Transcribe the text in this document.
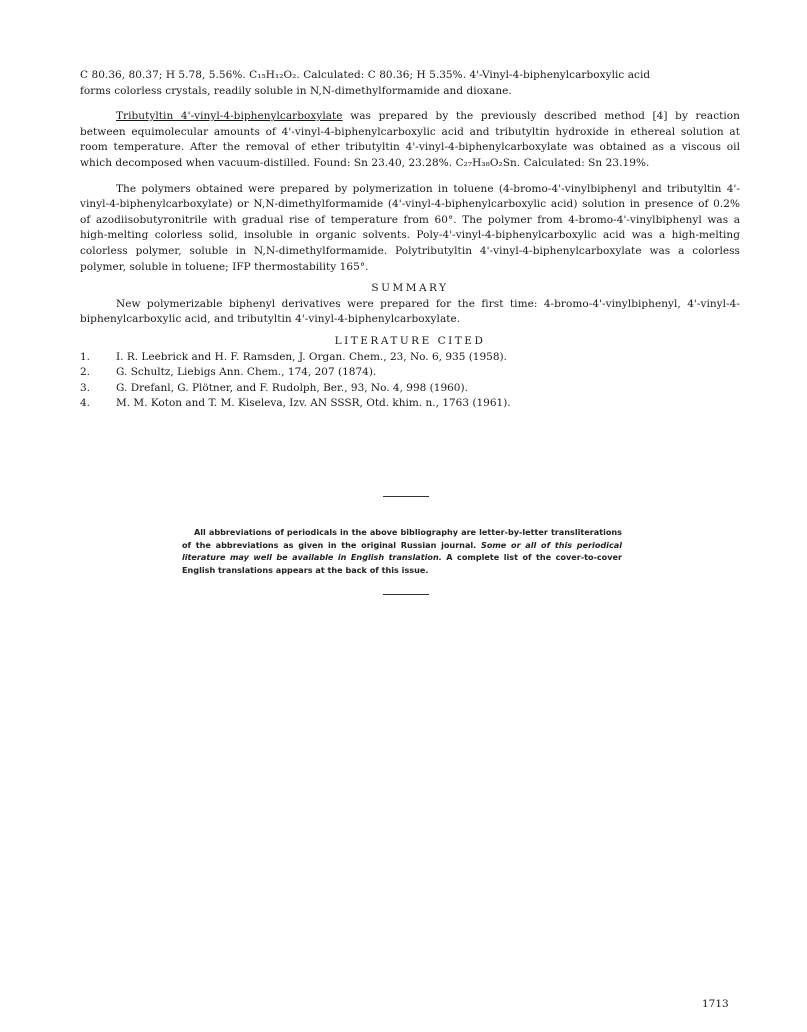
C 80.36, 80.37; H 5.78, 5.56%. C₁₅H₁₂O₂. Calculated: C 80.36; H 5.35%. 4'-Vinyl-4-biphenylcarboxylic acid
forms colorless crystals, readily soluble in N,N-dimethylformamide and dioxane.

Tributyltin 4'-vinyl-4-biphenylcarboxylate was prepared by the previously described method [4] by reaction between equimolecular amounts of 4'-vinyl-4-biphenylcarboxylic acid and tributyltin hydroxide in ethereal solution at room temperature. After the removal of ether tributyltin 4'-vinyl-4-biphenylcarboxylate was obtained as a viscous oil which decomposed when vacuum-distilled. Found: Sn 23.40, 23.28%. C₂₇H₃₈O₂Sn. Calculated: Sn 23.19%.

The polymers obtained were prepared by polymerization in toluene (4-bromo-4'-vinylbiphenyl and tributyltin 4'-vinyl-4-biphenylcarboxylate) or N,N-dimethylformamide (4'-vinyl-4-biphenylcarboxylic acid) solution in presence of 0.2% of azodiisobutyronitrile with gradual rise of temperature from 60°. The polymer from 4-bromo-4'-vinylbiphenyl was a high-melting colorless solid, insoluble in organic solvents. Poly-4'-vinyl-4-biphenylcarboxylic acid was a high-melting colorless polymer, soluble in N,N-dimethylformamide. Polytributyltin 4'-vinyl-4-biphenylcarboxylate was a colorless polymer, soluble in toluene; IFP thermostability 165°.

SUMMARY

New polymerizable biphenyl derivatives were prepared for the first time: 4-bromo-4'-vinylbiphenyl, 4'-vinyl-4-biphenylcarboxylic acid, and tributyltin 4'-vinyl-4-biphenylcarboxylate.

LITERATURE CITED

1.	I. R. Leebrick and H. F. Ramsden, J. Organ. Chem., 23, No. 6, 935 (1958).
2.	G. Schultz, Liebigs Ann. Chem., 174, 207 (1874).
3.	G. Drefanl, G. Plötner, and F. Rudolph, Ber., 93, No. 4, 998 (1960).
4.	M. M. Koton and T. M. Kiseleva, Izv. AN SSSR, Otd. khim. n., 1763 (1961).

All abbreviations of periodicals in the above bibliography are letter-by-letter transliterations of the abbreviations as given in the original Russian journal. Some or all of this periodical literature may well be available in English translation. A complete list of the cover-to-cover English translations appears at the back of this issue.

1713
